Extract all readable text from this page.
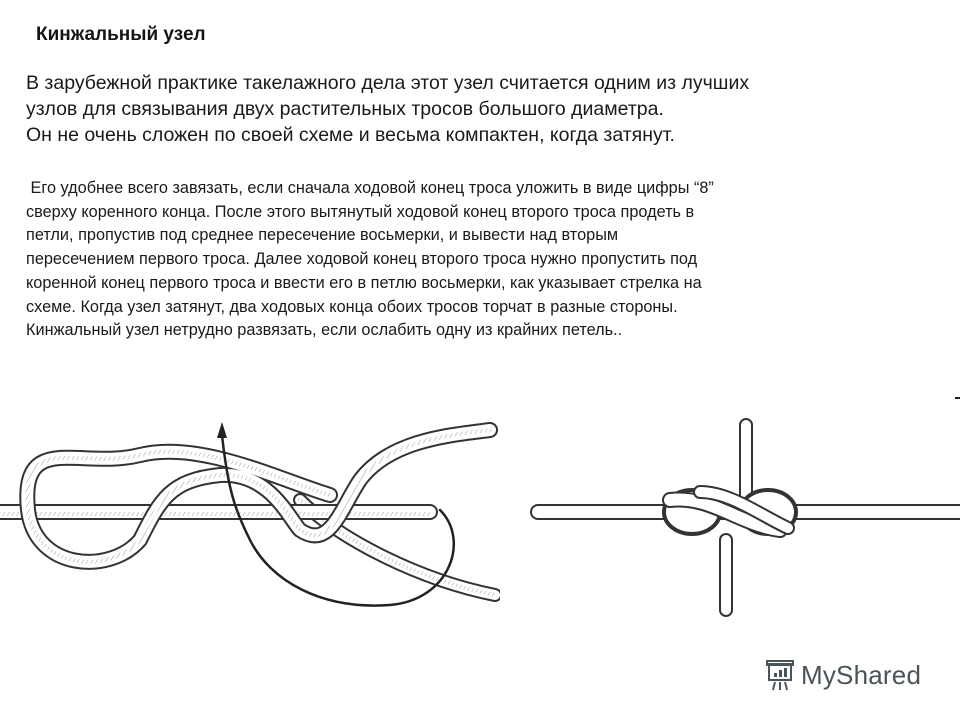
Кинжальный узел
В зарубежной практике такелажного дела этот узел считается одним из лучших
узлов для связывания двух растительных тросов большого диаметра.
Он не очень сложен по своей схеме и весьма компактен, когда затянут.
Его удобнее всего завязать, если сначала ходовой конец троса уложить в виде цифры “8”
сверху коренного конца. После этого вытянутый ходовой конец второго троса продеть в
петли, пропустив под среднее пересечение восьмерки, и вывести над вторым
пересечением первого троса. Далее ходовой конец второго троса нужно пропустить под
коренной конец первого троса и ввести его в петлю восьмерки, как указывает стрелка на
схеме. Когда узел затянут, два ходовых конца обоих тросов торчат в разные стороны.
Кинжальный узел нетрудно развязать, если ослабить одну из крайних петель..
MyShared
